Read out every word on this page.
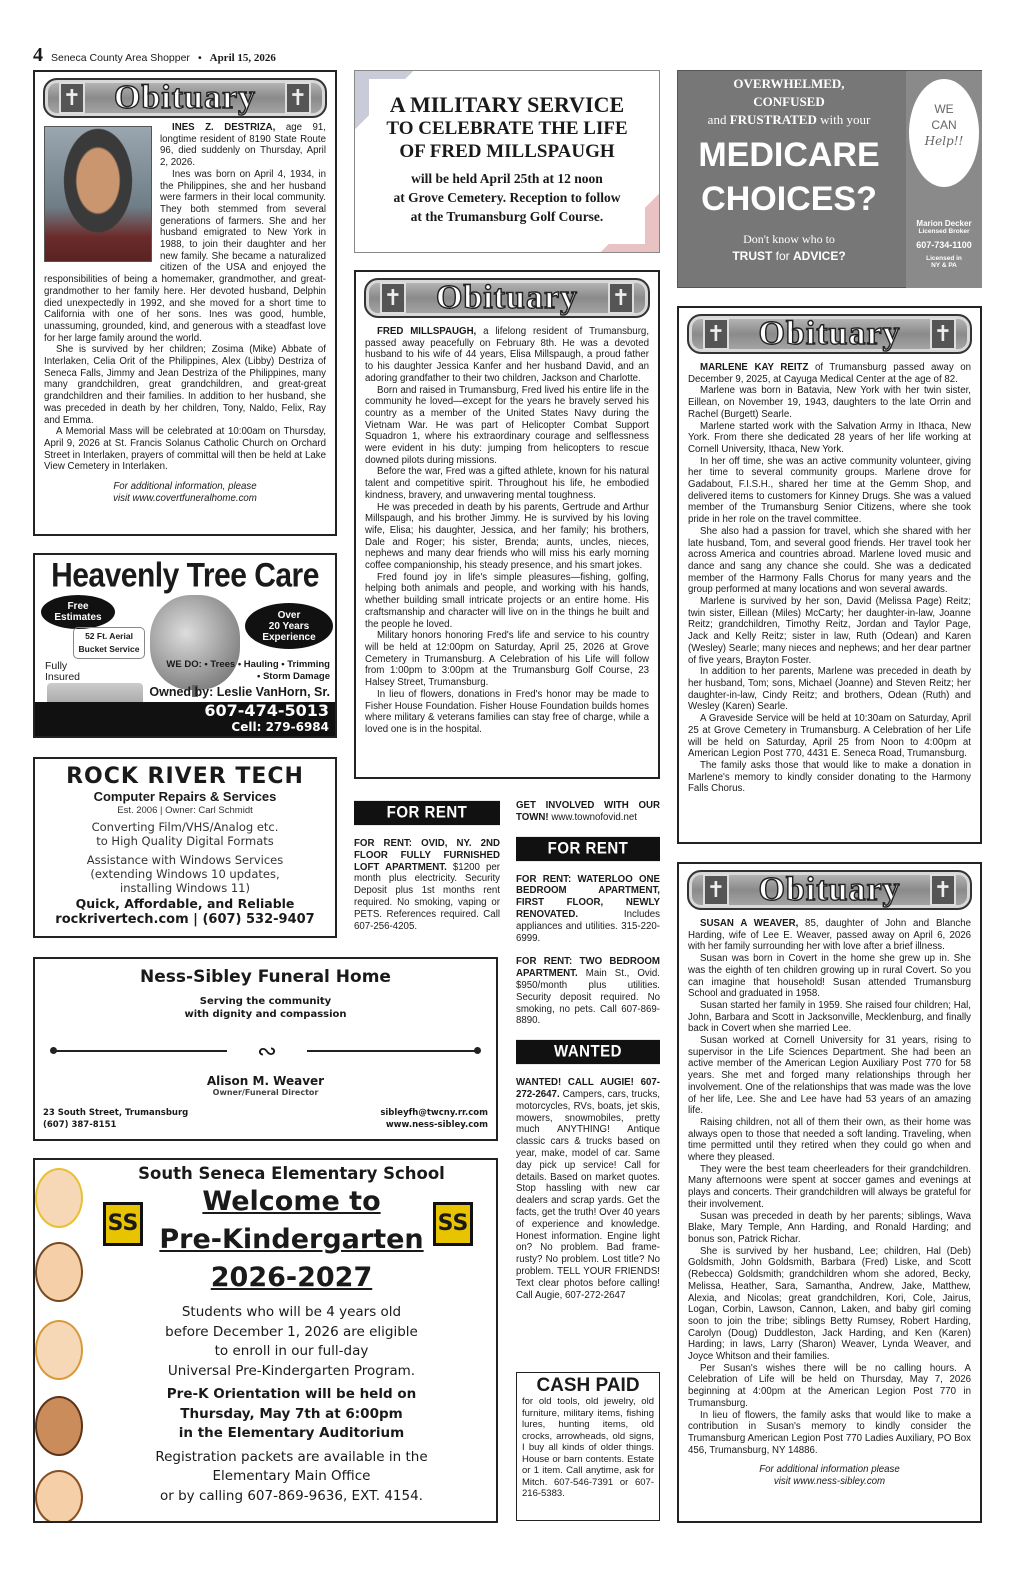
4 Seneca County Area Shopper • April 15, 2026
✝ Obituary ✝

INES Z. DESTRIZA, age 91, longtime resident of 8190 State Route 96, died suddenly on Thursday, April 2, 2026.

Ines was born on April 4, 1934, in the Philippines, she and her husband were farmers in their local community. They both stemmed from several generations of farmers. She and her husband emigrated to New York in 1988, to join their daughter and her new family. She became a naturalized citizen of the USA and enjoyed the responsibilities of being a homemaker, grandmother, and great-grandmother to her family here. Her devoted husband, Delphin died unexpectedly in 1992, and she moved for a short time to California with one of her sons. Ines was good, humble, unassuming, grounded, kind, and generous with a steadfast love for her large family around the world.

She is survived by her children; Zosima (Mike) Abbate of Interlaken, Celia Orit of the Philippines, Alex (Libby) Destriza of Seneca Falls, Jimmy and Jean Destriza of the Philippines, many many grandchildren, great grandchildren, and great-great grandchildren and their families. In addition to her husband, she was preceded in death by her children, Tony, Naldo, Felix, Ray and Emma.

A Memorial Mass will be celebrated at 10:00am on Thursday, April 9, 2026 at St. Francis Solanus Catholic Church on Orchard Street in Interlaken, prayers of committal will then be held at Lake View Cemetery in Interlaken.

For additional information, please
visit www.covertfuneralhome.com
Heavenly Tree Care
Free
Estimates	Over
20 Years
Experience
52 Ft. Aerial
Bucket Service
Fully
Insured
WE DO: • Trees • Hauling • Trimming
• Storm Damage
Owned by: Leslie VanHorn, Sr.
607-474-5013
Cell: 279-6984
ROCK RIVER TECH
Computer Repairs & Services
Est. 2006 | Owner: Carl Schmidt
Converting Film/VHS/Analog etc.
to High Quality Digital Formats
Assistance with Windows Services
(extending Windows 10 updates,
installing Windows 11)
Quick, Affordable, and Reliable
rockrivertech.com | (607) 532-9407
Ness-Sibley Funeral Home
Serving the community
with dignity and compassion
∾
Alison M. Weaver
Owner/Funeral Director
23 South Street, Trumansburg
(607) 387-8151
sibleyfh@twcny.rr.com
www.ness-sibley.com
SS	SS
South Seneca Elementary School
Welcome to
Pre-Kindergarten
2026-2027
Students who will be 4 years old
before December 1, 2026 are eligible
to enroll in our full-day
Universal Pre-Kindergarten Program.
Pre-K Orientation will be held on
Thursday, May 7th at 6:00pm
in the Elementary Auditorium
Registration packets are available in the
Elementary Main Office
or by calling 607-869-9636, EXT. 4154.
A MILITARY SERVICE
TO CELEBRATE THE LIFE
OF FRED MILLSPAUGH
will be held April 25th at 12 noon
at Grove Cemetery. Reception to follow
at the Trumansburg Golf Course.
✝ Obituary ✝

FRED MILLSPAUGH, a lifelong resident of Trumansburg, passed away peacefully on February 8th. He was a devoted husband to his wife of 44 years, Elisa Millspaugh, a proud father to his daughter Jessica Kanfer and her husband David, and an adoring grandfather to their two children, Jackson and Charlotte.

Born and raised in Trumansburg, Fred lived his entire life in the community he loved—except for the years he bravely served his country as a member of the United States Navy during the Vietnam War. He was part of Helicopter Combat Support Squadron 1, where his extraordinary courage and selflessness were evident in his duty: jumping from helicopters to rescue downed pilots during missions.

Before the war, Fred was a gifted athlete, known for his natural talent and competitive spirit. Throughout his life, he embodied kindness, bravery, and unwavering mental toughness.

He was preceded in death by his parents, Gertrude and Arthur Millspaugh, and his brother Jimmy. He is survived by his loving wife, Elisa; his daughter, Jessica, and her family; his brothers, Dale and Roger; his sister, Brenda; aunts, uncles, nieces, nephews and many dear friends who will miss his early morning coffee companionship, his steady presence, and his smart jokes.

Fred found joy in life's simple pleasures—fishing, golfing, helping both animals and people, and working with his hands, whether building small intricate projects or an entire home. His craftsmanship and character will live on in the things he built and the people he loved.

Military honors honoring Fred's life and service to his country will be held at 12:00pm on Saturday, April 25, 2026 at Grove Cemetery in Trumansburg. A Celebration of his Life will follow from 1:00pm to 3:00pm at the Trumansburg Golf Course, 23 Halsey Street, Trumansburg.

In lieu of flowers, donations in Fred's honor may be made to Fisher House Foundation. Fisher House Foundation builds homes where military & veterans families can stay free of charge, while a loved one is in the hospital.

FOR RENT

FOR RENT: OVID, NY. 2ND FLOOR FULLY FURNISHED LOFT APARTMENT. $1200 per month plus electricity. Security Deposit plus 1st months rent required. No smoking, vaping or PETS. References required. Call 607-256-4205.

GET INVOLVED WITH OUR TOWN! www.townofovid.net

FOR RENT

FOR RENT: WATERLOO ONE BEDROOM APARTMENT, FIRST FLOOR, NEWLY RENOVATED. Includes appliances and utilities. 315-220-6999.

FOR RENT: TWO BEDROOM APARTMENT. Main St., Ovid. $950/month plus utilities. Security deposit required. No smoking, no pets. Call 607-869-8890.

WANTED

WANTED! CALL AUGIE! 607-272-2647. Campers, cars, trucks, motorcycles, RVs, boats, jet skis, mowers, snowmobiles, pretty much ANYTHING! Antique classic cars & trucks based on year, make, model of car. Same day pick up service! Call for details. Based on market quotes. Stop hassling with new car dealers and scrap yards. Get the facts, get the truth! Over 40 years of experience and knowledge. Honest information. Engine light on? No problem. Bad frame-rusty? No problem. Lost title? No problem. TELL YOUR FRIENDS! Text clear photos before calling! Call Augie, 607-272-2647

CASH PAID

for old tools, old jewelry, old furniture, military items, fishing lures, hunting items, old crocks, arrowheads, old signs, I buy all kinds of older things. House or barn contents. Estate or 1 item. Call anytime, ask for Mitch. 607-546-7391 or 607-216-5383.

OVERWHELMED,
CONFUSED
and FRUSTRATED with your
MEDICARE
CHOICES?
Don't know who to
TRUST for ADVICE?
WE
CAN
Help!!
Marion Decker
Licensed Broker
607-734-1100
Licensed in
NY & PA
✝ Obituary ✝

MARLENE KAY REITZ of Trumansburg passed away on December 9, 2025, at Cayuga Medical Center at the age of 82.

Marlene was born in Batavia, New York with her twin sister, Eillean, on November 19, 1943, daughters to the late Orrin and Rachel (Burgett) Searle.

Marlene started work with the Salvation Army in Ithaca, New York. From there she dedicated 28 years of her life working at Cornell University, Ithaca, New York.

In her off time, she was an active community volunteer, giving her time to several community groups. Marlene drove for Gadabout, F.I.S.H., shared her time at the Gemm Shop, and delivered items to customers for Kinney Drugs. She was a valued member of the Trumansburg Senior Citizens, where she took pride in her role on the travel committee.

She also had a passion for travel, which she shared with her late husband, Tom, and several good friends. Her travel took her across America and countries abroad. Marlene loved music and dance and sang any chance she could. She was a dedicated member of the Harmony Falls Chorus for many years and the group performed at many locations and won several awards.

Marlene is survived by her son, David (Melissa Page) Reitz; twin sister, Eillean (Miles) McCarty; her daughter-in-law, Joanne Reitz; grandchildren, Timothy Reitz, Jordan and Taylor Page, Jack and Kelly Reitz; sister in law, Ruth (Odean) and Karen (Wesley) Searle; many nieces and nephews; and her dear partner of five years, Brayton Foster.

In addition to her parents, Marlene was preceded in death by her husband, Tom; sons, Michael (Joanne) and Steven Reitz; her daughter-in-law, Cindy Reitz; and brothers, Odean (Ruth) and Wesley (Karen) Searle.

A Graveside Service will be held at 10:30am on Saturday, April 25 at Grove Cemetery in Trumansburg. A Celebration of her Life will be held on Saturday, April 25 from Noon to 4:00pm at American Legion Post 770, 4431 E. Seneca Road, Trumansburg.

The family asks those that would like to make a donation in Marlene's memory to kindly consider donating to the Harmony Falls Chorus.

✝ Obituary ✝

SUSAN A WEAVER, 85, daughter of John and Blanche Harding, wife of Lee E. Weaver, passed away on April 6, 2026 with her family surrounding her with love after a brief illness.

Susan was born in Covert in the home she grew up in. She was the eighth of ten children growing up in rural Covert. So you can imagine that household! Susan attended Trumansburg School and graduated in 1958.

Susan started her family in 1959. She raised four children; Hal, John, Barbara and Scott in Jacksonville, Mecklenburg, and finally back in Covert when she married Lee.

Susan worked at Cornell University for 31 years, rising to supervisor in the Life Sciences Department. She had been an active member of the American Legion Auxiliary Post 770 for 58 years. She met and forged many relationships through her involvement. One of the relationships that was made was the love of her life, Lee. She and Lee have had 53 years of an amazing life.

Raising children, not all of them their own, as their home was always open to those that needed a soft landing. Traveling, when time permitted until they retired when they could go when and where they pleased.

They were the best team cheerleaders for their grandchildren. Many afternoons were spent at soccer games and evenings at plays and concerts. Their grandchildren will always be grateful for their involvement.

Susan was preceded in death by her parents; siblings, Wava Blake, Mary Temple, Ann Harding, and Ronald Harding; and bonus son, Patrick Richar.

She is survived by her husband, Lee; children, Hal (Deb) Goldsmith, John Goldsmith, Barbara (Fred) Liske, and Scott (Rebecca) Goldsmith; grandchildren whom she adored, Becky, Melissa, Heather, Sara, Samantha, Andrew, Jake, Matthew, Alexia, and Nicolas; great grandchildren, Kori, Cole, Jairus, Logan, Corbin, Lawson, Cannon, Laken, and baby girl coming soon to join the tribe; siblings Betty Rumsey, Robert Harding, Carolyn (Doug) Duddleston, Jack Harding, and Ken (Karen) Harding; in laws, Larry (Sharon) Weaver, Lynda Weaver, and Joyce Whitson and their families.

Per Susan's wishes there will be no calling hours. A Celebration of Life will be held on Thursday, May 7, 2026 beginning at 4:00pm at the American Legion Post 770 in Trumansburg.

In lieu of flowers, the family asks that would like to make a contribution in Susan's memory to kindly consider the Trumansburg American Legion Post 770 Ladies Auxiliary, PO Box 456, Trumansburg, NY 14886.

For additional information please
visit www.ness-sibley.com
